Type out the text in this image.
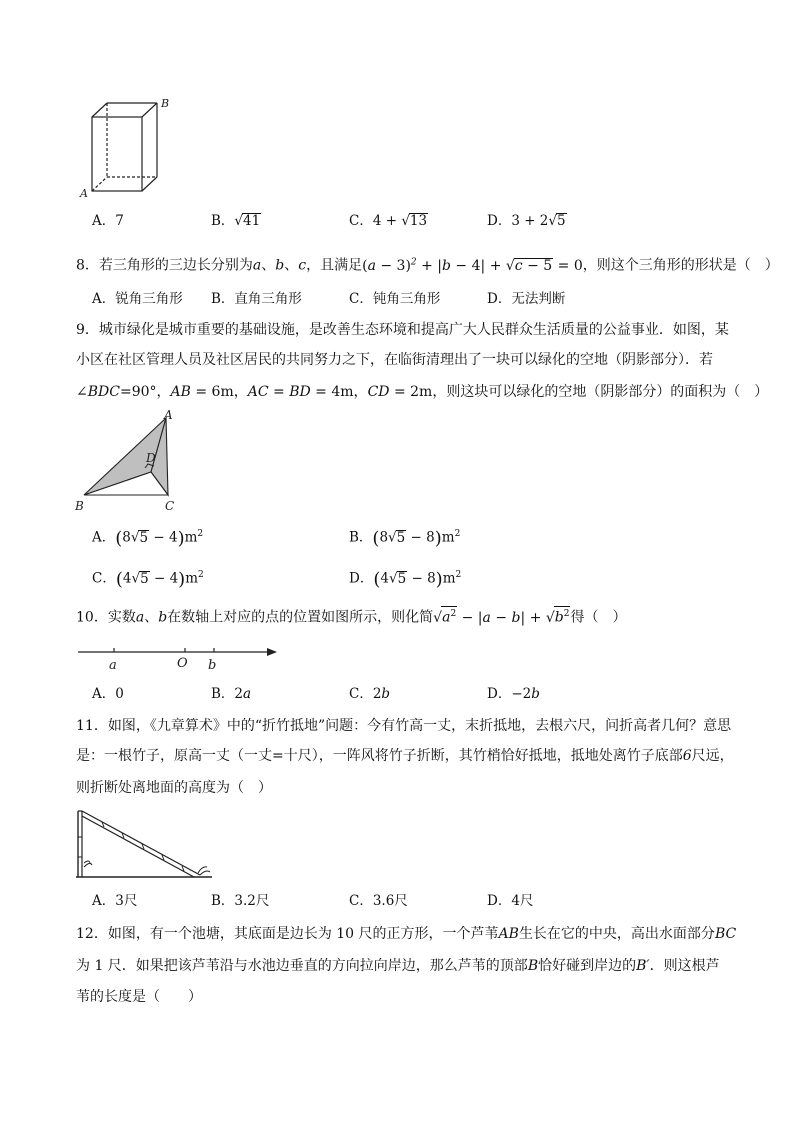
B
A
A．7	B．√41	C．4 + √13	D．3 + 2√5
8．若三角形的三边长分别为a、b、c，且满足$(a - 3)^2 + |b - 4| + √c - 5 = 0$，则这个三角形的形状是（　）
A．锐角三角形 B．直角三角形	C．钝角三角形	D．无法判断
9．城市绿化是城市重要的基础设施，是改善生态环境和提高广大人民群众生活质量的公益事业．如图，某
小区在社区管理人员及社区居民的共同努力之下，在临街清理出了一块可以绿化的空地（阴影部分）．若
∠BDC=90°，AB = 6m，AC = BD = 4m，CD = 2m，则这块可以绿化的空地（阴影部分）的面积为（　）
A
D
B	C
A．$(8√5 - 4)m^2$	B．$(8√5 - 8)m^2$
C．$(4√5 - 4)m^2$	D．$(4√5 - 8)m^2$
10．实数a、b在数轴上对应的点的位置如图所示，则化简$√a^2 - |a - b| + √b^2$得（　）
a	O b
A．0	B．2a	C．2b	D．−2b
11．如图，《九章算术》中的“折竹抵地”问题：今有竹高一丈，末折抵地，去根六尺，问折高者几何？意思
是：一根竹子，原高一丈（一丈=十尺），一阵风将竹子折断，其竹梢恰好抵地，抵地处离竹子底部6尺远，
则折断处离地面的高度为（　）
A．3尺	B．3.2尺	C．3.6尺	D．4尺
12．如图，有一个池塘，其底面是边长为 10 尺的正方形，一个芦苇AB生长在它的中央，高出水面部分BC
为 1 尺．如果把该芦苇沿与水池边垂直的方向拉向岸边，那么芦苇的顶部B恰好碰到岸边的B′．则这根芦
苇的长度是（　　）
